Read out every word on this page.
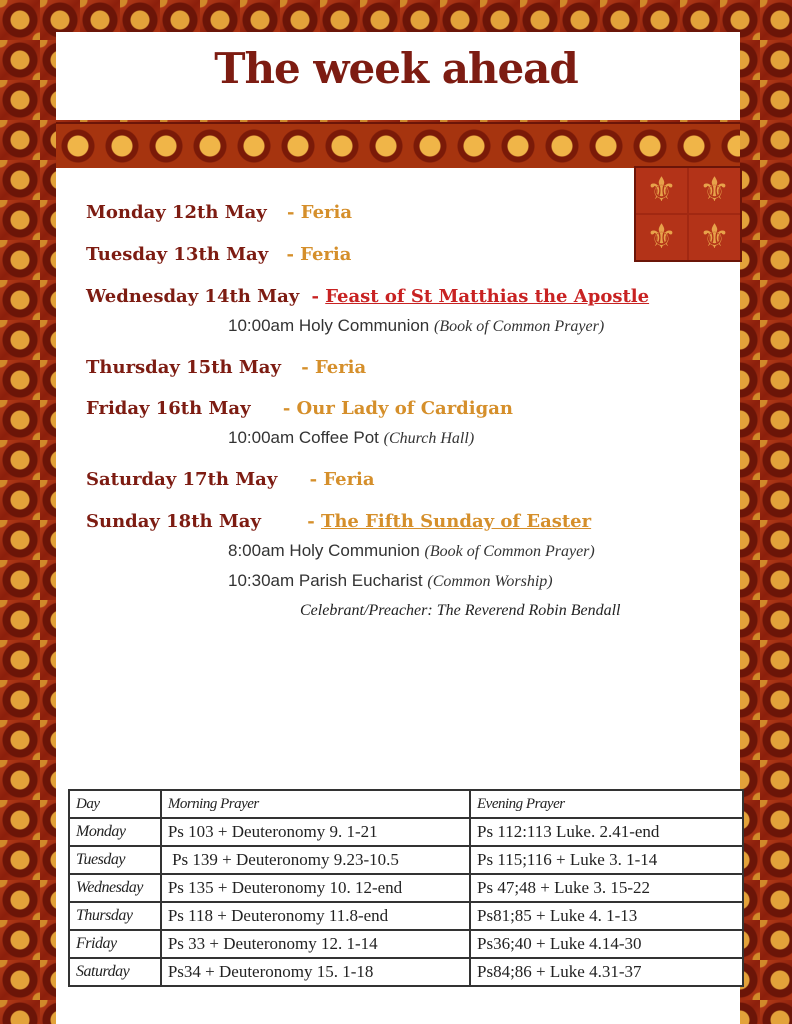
The week ahead
⚜ ⚜
⚜ ⚜
Monday 12th May - Feria
Tuesday 13th May - Feria
Wednesday 14th May - Feast of St Matthias the Apostle
10:00am Holy Communion (Book of Common Prayer)
Thursday 15th May - Feria
Friday 16th May - Our Lady of Cardigan
10:00am Coffee Pot (Church Hall)
Saturday 17th May - Feria
Sunday 18th May	- The Fifth Sunday of Easter
8:00am Holy Communion (Book of Common Prayer)
10:30am Parish Eucharist (Common Worship)
Celebrant/Preacher: The Reverend Robin Bendall
Day	Morning Prayer	Evening Prayer
Monday	Ps 103 + Deuteronomy 9. 1-21	Ps 112:113 Luke. 2.41-end
Tuesday	Ps 139 + Deuteronomy 9.23-10.5	Ps 115;116 + Luke 3. 1-14
Wednesday	Ps 135 + Deuteronomy 10. 12-end	Ps 47;48 + Luke 3. 15-22
Thursday	Ps 118 + Deuteronomy 11.8-end	Ps81;85 + Luke 4. 1-13
Friday	Ps 33 + Deuteronomy 12. 1-14	Ps36;40 + Luke 4.14-30
Saturday	Ps34 + Deuteronomy 15. 1-18	Ps84;86 + Luke 4.31-37
